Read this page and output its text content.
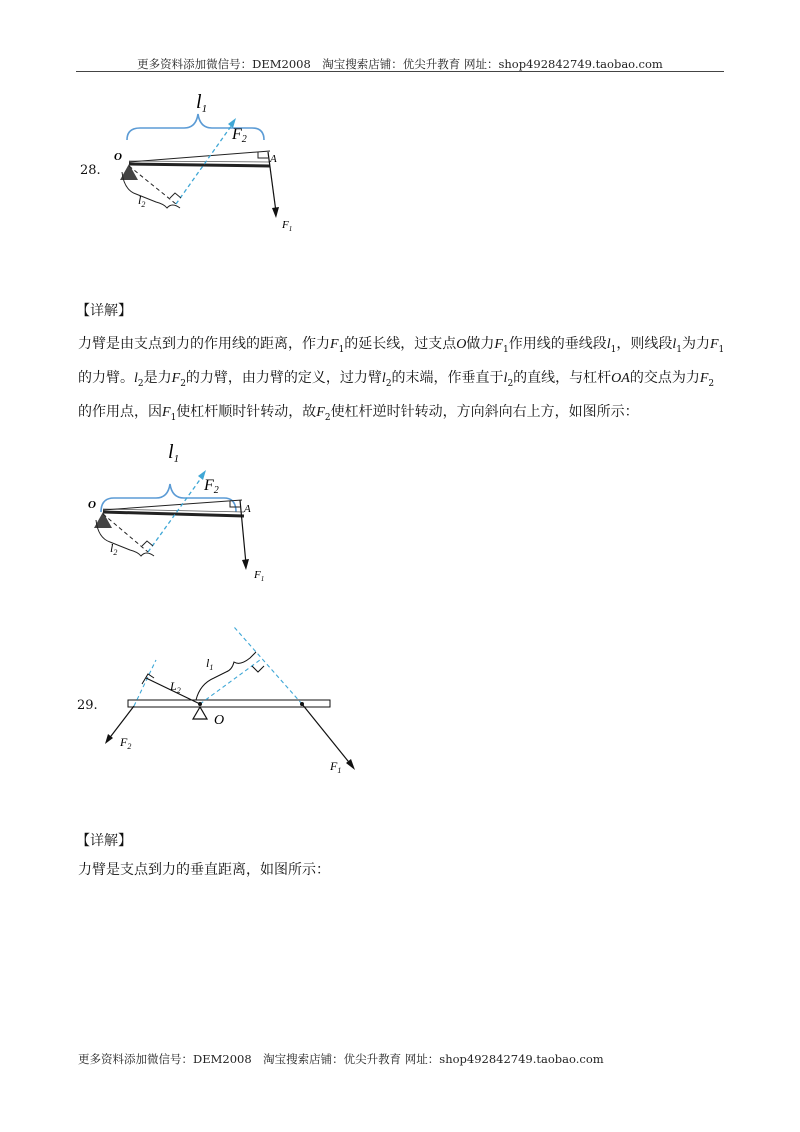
更多资料添加微信号：DEM2008　淘宝搜索店铺：优尖升教育 网址：shop492842749.taobao.com
28.
$l_1$
O	A
$F_1$
F2
$l_2$
【详解】
力臂是由支点到力的作用线的距离，作力$F_1$的延长线，过支点O做力$F_1$作用线的垂线段$l_1$，则线段$l_1$为力$F_1$的力臂。$l_2$是力$F_2$的力臂，由力臂的定义，过力臂$l_2$的末端，作垂直于$l_2$的直线，与杠杆OA的交点为力$F_2$的作用点，因$F_1$使杠杆顺时针转动，故$F_2$使杠杆逆时针转动，方向斜向右上方，如图所示：
$l_1$
O	A
$F_1$
F2
$l_2$
29.
O
$F_1$
$l_1$
$F_2$
$L_2$
【详解】
力臂是支点到力的垂直距离，如图所示：
更多资料添加微信号：DEM2008　淘宝搜索店铺：优尖升教育 网址：shop492842749.taobao.com
